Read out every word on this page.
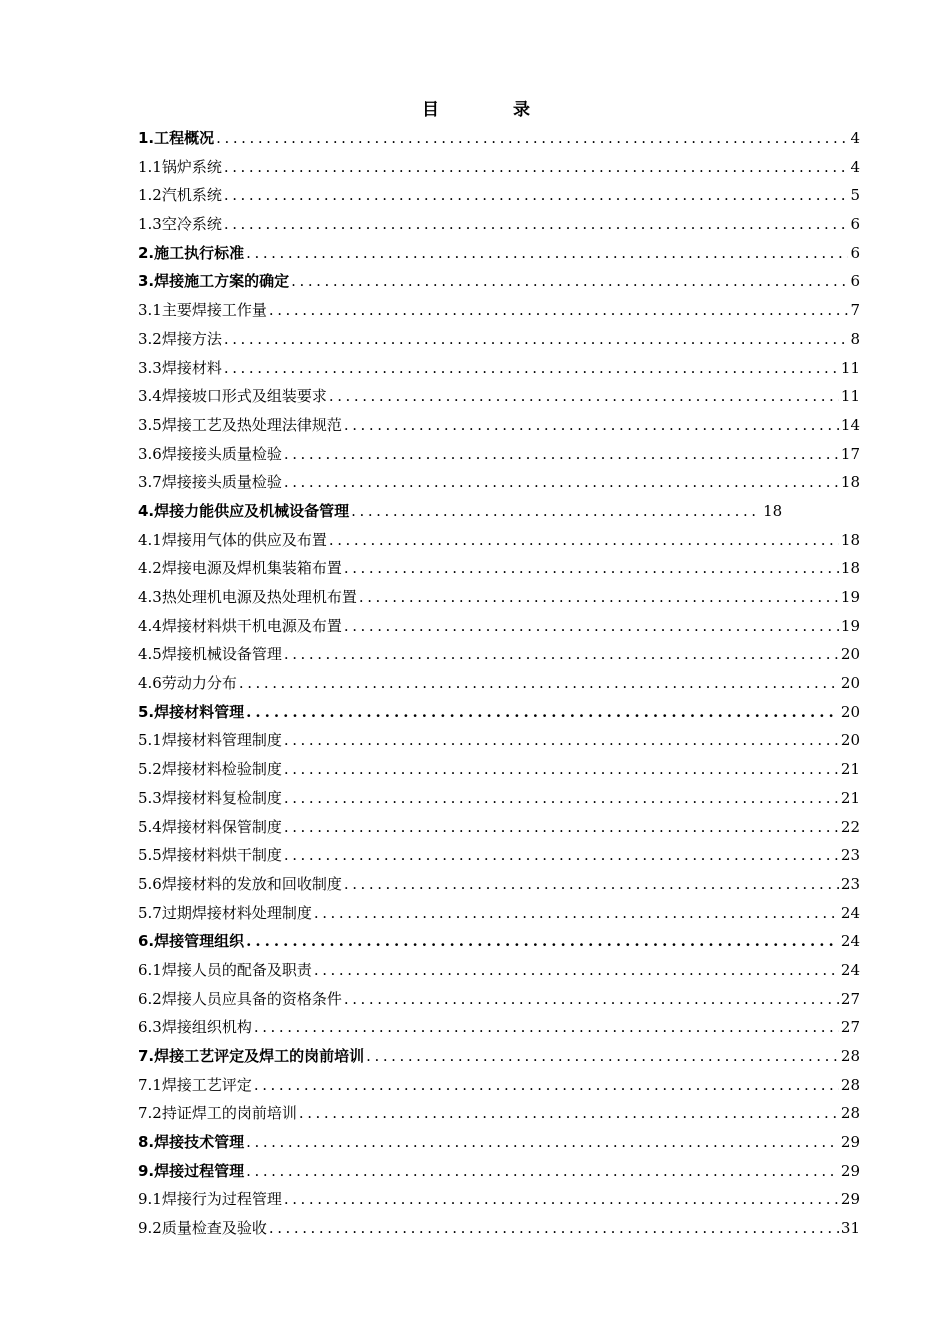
目 录
1.工程概况 . . .	4
1.1锅炉系统 . . .	4
1.2汽机系统 . . .	5
1.3空冷系统 . . .	6
2.施工执行标准 . . .	6
3.焊接施工方案的确定 . . .	6
3.1主要焊接工作量 . . .	7
3.2焊接方法 . . .	8
3.3焊接材料 . . .	11
3.4焊接坡口形式及组装要求 . . .	11
3.5焊接工艺及热处理法律规范 . . .	14
3.6焊接接头质量检验 . . .	17
3.7焊接接头质量检验 . . .	18
4.焊接力能供应及机械设备管理 . . .	18
4.1焊接用气体的供应及布置 . . .	18
4.2焊接电源及焊机集装箱布置 . . .	18
4.3热处理机电源及热处理机布置 . . .	19
4.4焊接材料烘干机电源及布置 . . .	19
4.5焊接机械设备管理 . . .	20
4.6劳动力分布 . . .	20
5.焊接材料管理 . . .	20
5.1焊接材料管理制度 . . .	20
5.2焊接材料检验制度 . . .	21
5.3焊接材料复检制度 . . .	21
5.4焊接材料保管制度 . . .	22
5.5焊接材料烘干制度 . . .	23
5.6焊接材料的发放和回收制度 . . .	23
5.7过期焊接材料处理制度 . . .	24
6.焊接管理组织 . . .	24
6.1焊接人员的配备及职责 . . .	24
6.2焊接人员应具备的资格条件 . . .	27
6.3焊接组织机构 . . .	27
7.焊接工艺评定及焊工的岗前培训 . . .	28
7.1焊接工艺评定 . . .	28
7.2持证焊工的岗前培训 . . .	28
8.焊接技术管理 . . .	29
9.焊接过程管理 . . .	29
9.1焊接行为过程管理 . . .	29
9.2质量检查及验收 . . .	31
